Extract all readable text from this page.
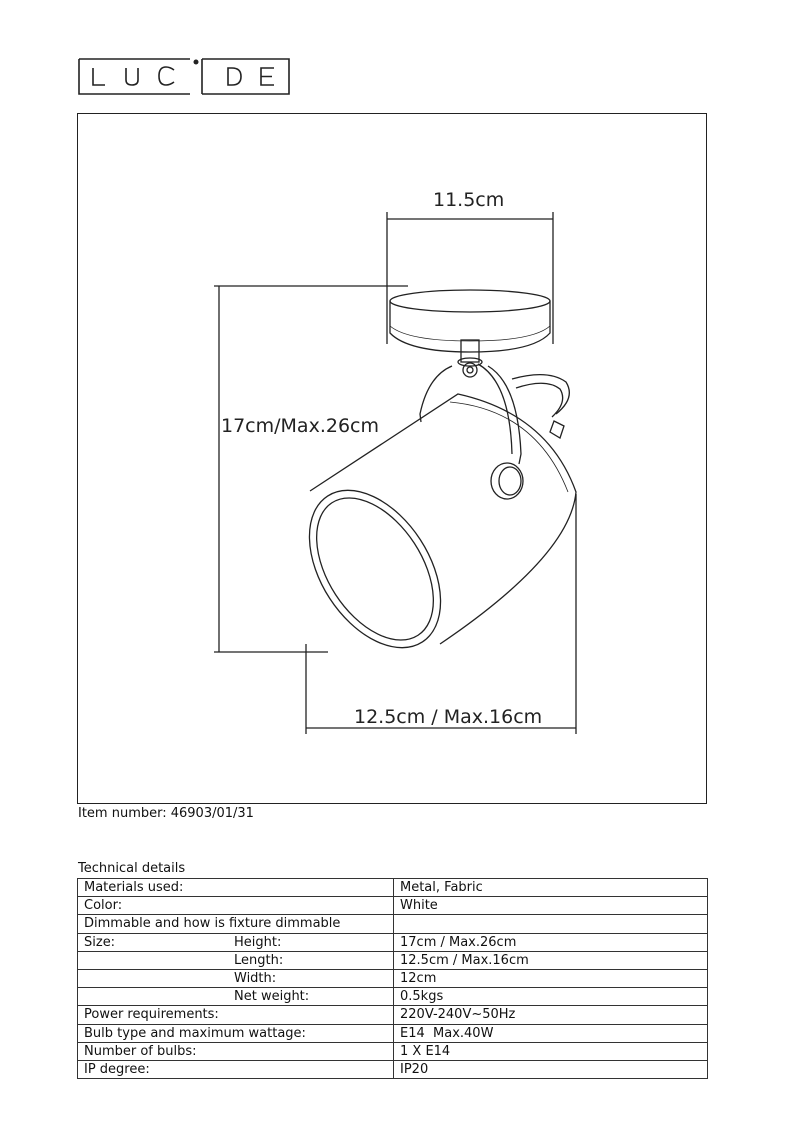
11.5cm
17cm/Max.26cm
12.5cm / Max.16cm
Item number: 46903/01/31
Technical details
Materials used:	Metal, Fabric
Color:	White
Dimmable and how is fixture dimmable	
Size: Height:	17cm / Max.26cm
Length:	12.5cm / Max.16cm
Width:	12cm
Net weight:	0.5kgs
Power requirements:	220V-240V~50Hz
Bulb type and maximum wattage:	E14  Max.40W
Number of bulbs:	1 X E14
IP degree:	IP20
